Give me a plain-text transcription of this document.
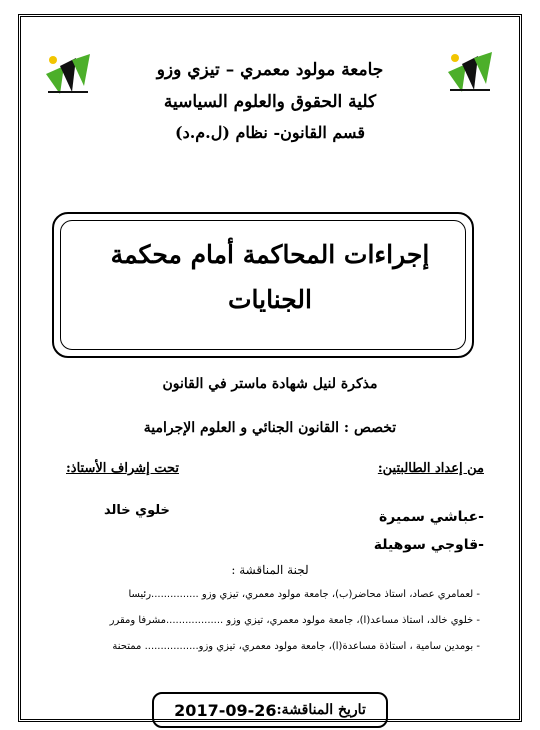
جامعة مولود معمري – تيزي وزو
كلية الحقوق والعلوم السياسية
قسم القانون- نظام (ل.م.د)
إجراءات المحاكمة أمام محكمة
الجنايات
مذكرة لنيل شهادة ماستر في القانون
تخصص : القانون الجنائي و العلوم الإجرامية
من إعداد الطالبتين:
تحت إشراف الأستاذ:
-عباشي سميرة
-قاوجي سوهيلة
خلوي خالد
لجنة المناقشة :
- لعمامري عصاد، أستاذ محاضر(ب)، جامعة مولود معمري، تيزي وزو ...............رئيسا
- خلوي خالد، أستاذ مساعد(أ)، جامعة مولود معمري، تيزي وزو ..................مشرفا ومقرر
- بومدين سامية ، أستاذة مساعدة(أ)، جامعة مولود معمري، تيزي وزو................. ممتحنة
تاريخ المناقشة:
2017-09-26
